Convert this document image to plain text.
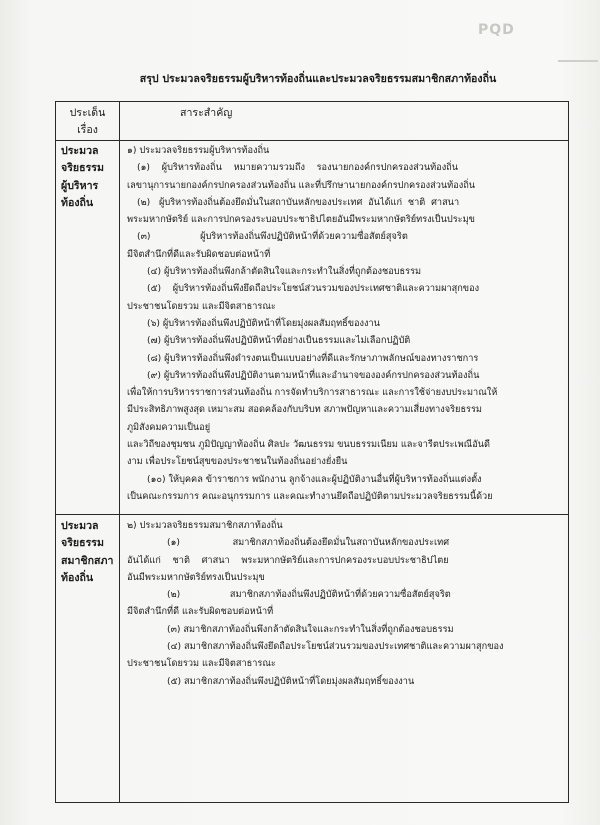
PQD
สรุป ประมวลจริยธรรมผู้บริหารท้องถิ่นและประมวลจริยธรรมสมาชิกสภาท้องถิ่น
ประเด็น
เรื่อง
สาระสำคัญ
ประมวล
จริยธรรม
ผู้บริหาร
ท้องถิ่น
๑) ประมวลจริยธรรมผู้บริหารท้องถิ่น
(๑)    ผู้บริหารท้องถิ่น    หมายความรวมถึง    รองนายกองค์กรปกครองส่วนท้องถิ่น
เลขานุการนายกองค์กรปกครองส่วนท้องถิ่น และที่ปรึกษานายกองค์กรปกครองส่วนท้องถิ่น
(๒)   ผู้บริหารท้องถิ่นต้องยึดมั่นในสถาบันหลักของประเทศ  อันได้แก่  ชาติ  ศาสนา
พระมหากษัตริย์ และการปกครองระบอบประชาธิปไตยอันมีพระมหากษัตริย์ทรงเป็นประมุข
(๓)                 ผู้บริหารท้องถิ่นพึงปฏิบัติหน้าที่ด้วยความซื่อสัตย์สุจริต
มีจิตสำนึกที่ดีและรับผิดชอบต่อหน้าที่
(๔) ผู้บริหารท้องถิ่นพึงกล้าตัดสินใจและกระทำในสิ่งที่ถูกต้องชอบธรรม
(๕)    ผู้บริหารท้องถิ่นพึงยึดถือประโยชน์ส่วนรวมของประเทศชาติและความผาสุกของ
ประชาชนโดยรวม และมีจิตสาธารณะ
(๖) ผู้บริหารท้องถิ่นพึงปฏิบัติหน้าที่โดยมุ่งผลสัมฤทธิ์ของงาน
(๗) ผู้บริหารท้องถิ่นพึงปฏิบัติหน้าที่อย่างเป็นธรรมและไม่เลือกปฏิบัติ
(๘) ผู้บริหารท้องถิ่นพึงดำรงตนเป็นแบบอย่างที่ดีและรักษาภาพลักษณ์ของทางราชการ
(๙) ผู้บริหารท้องถิ่นพึงปฏิบัติงานตามหน้าที่และอำนาจขององค์กรปกครองส่วนท้องถิ่น
เพื่อให้การบริหารราชการส่วนท้องถิ่น การจัดทำบริการสาธารณะ และการใช้จ่ายงบประมาณให้
มีประสิทธิภาพสูงสุด เหมาะสม สอดคล้องกับบริบท สภาพปัญหาและความเสี่ยงทางจริยธรรม
ภูมิสังคมความเป็นอยู่
และวิถีของชุมชน ภูมิปัญญาท้องถิ่น ศิลปะ วัฒนธรรม ขนบธรรมเนียม และจารีตประเพณีอันดี
งาม เพื่อประโยชน์สุขของประชาชนในท้องถิ่นอย่างยั่งยืน
(๑๐) ให้บุคคล ข้าราชการ พนักงาน ลูกจ้างและผู้ปฏิบัติงานอื่นที่ผู้บริหารท้องถิ่นแต่งตั้ง
เป็นคณะกรรมการ คณะอนุกรรมการ และคณะทำงานยึดถือปฏิบัติตามประมวลจริยธรรมนี้ด้วย
ประมวล
จริยธรรม
สมาชิกสภา
ท้องถิ่น
๒) ประมวลจริยธรรมสมาชิกสภาท้องถิ่น
(๑)                  สมาชิกสภาท้องถิ่นต้องยึดมั่นในสถาบันหลักของประเทศ
อันได้แก่    ชาติ    ศาสนา    พระมหากษัตริย์และการปกครองระบอบประชาธิปไตย
อันมีพระมหากษัตริย์ทรงเป็นประมุข
(๒)                 สมาชิกสภาท้องถิ่นพึงปฏิบัติหน้าที่ด้วยความซื่อสัตย์สุจริต
มีจิตสำนึกที่ดี และรับผิดชอบต่อหน้าที่
(๓) สมาชิกสภาท้องถิ่นพึงกล้าตัดสินใจและกระทำในสิ่งที่ถูกต้องชอบธรรม
(๔) สมาชิกสภาท้องถิ่นพึงยึดถือประโยชน์ส่วนรวมของประเทศชาติและความผาสุกของ
ประชาชนโดยรวม และมีจิตสาธารณะ
(๕) สมาชิกสภาท้องถิ่นพึงปฏิบัติหน้าที่โดยมุ่งผลสัมฤทธิ์ของงาน
